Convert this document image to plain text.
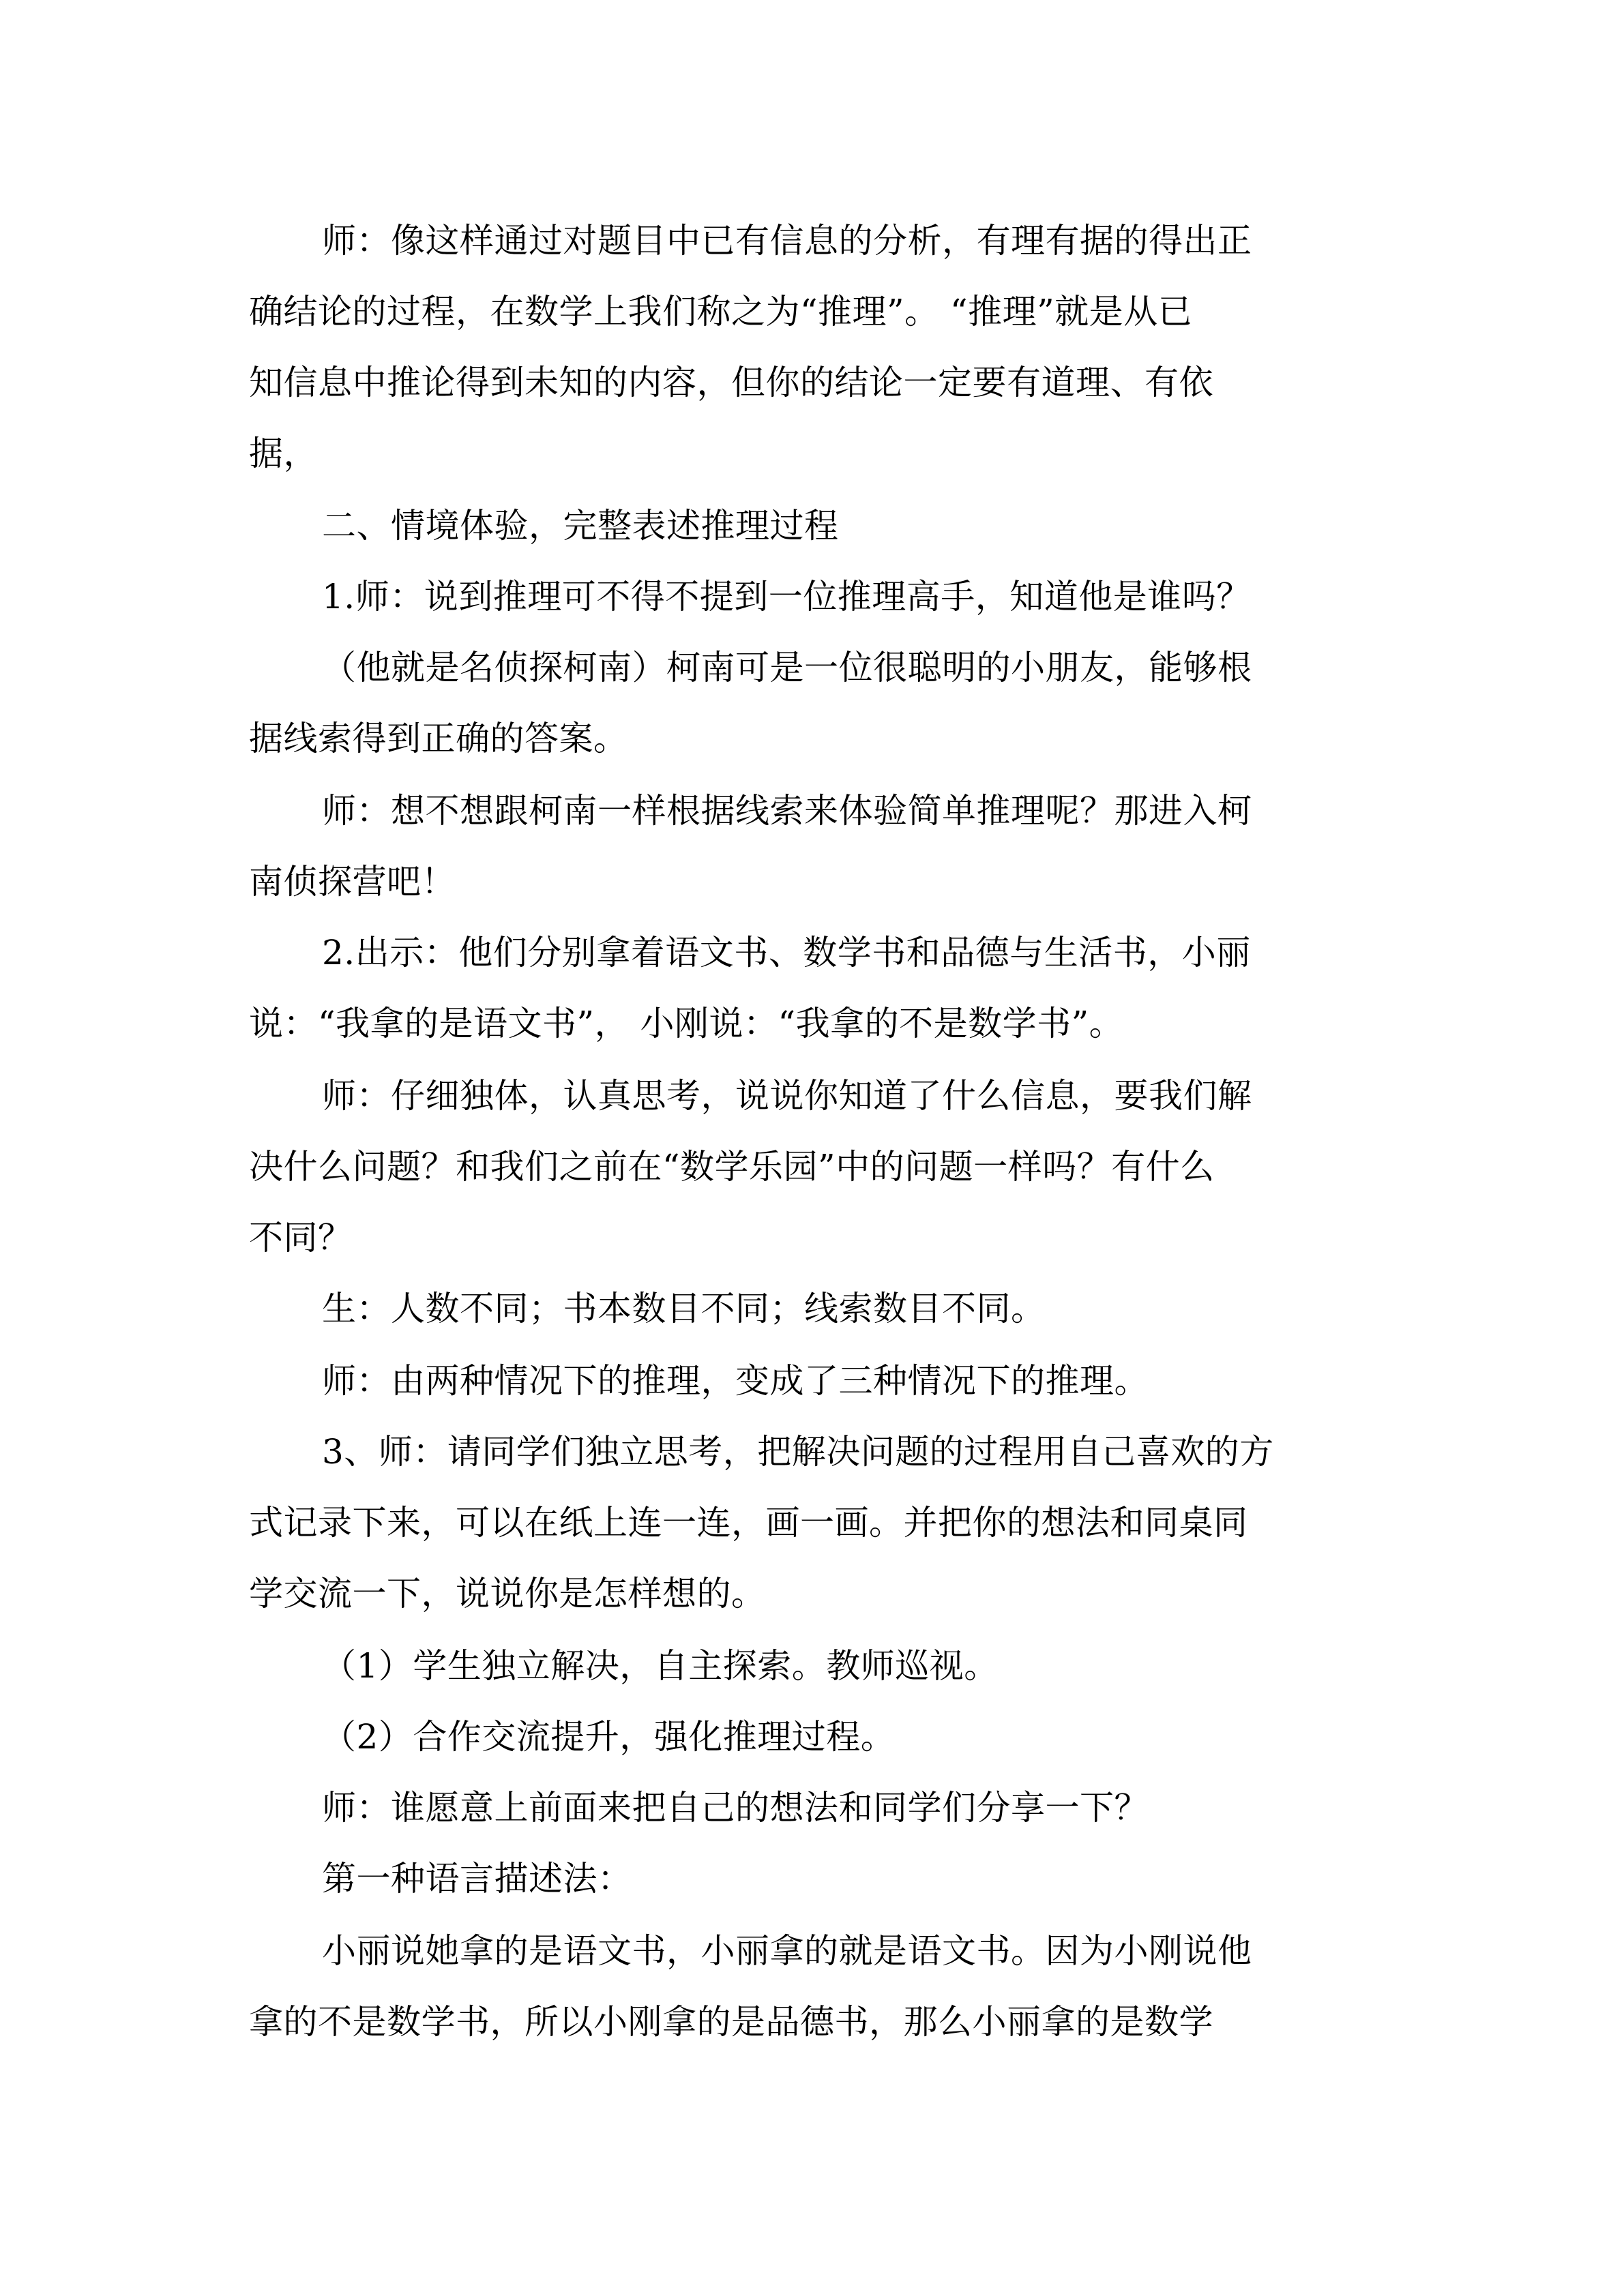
师：像这样通过对题目中已有信息的分析，有理有据的得出正

确结论的过程，在数学上我们称之为“推理”。 “推理”就是从已

知信息中推论得到未知的内容，但你的结论一定要有道理、有依

据，

二、情境体验，完整表述推理过程

1.师：说到推理可不得不提到一位推理高手，知道他是谁吗？

（他就是名侦探柯南）柯南可是一位很聪明的小朋友，能够根

据线索得到正确的答案。

师：想不想跟柯南一样根据线索来体验简单推理呢？那进入柯

南侦探营吧！

2.出示：他们分别拿着语文书、数学书和品德与生活书，小丽

说：“我拿的是语文书”， 小刚说：“我拿的不是数学书”。

师：仔细独体，认真思考，说说你知道了什么信息，要我们解

决什么问题？和我们之前在“数学乐园”中的问题一样吗？有什么

不同？

生：人数不同；书本数目不同；线索数目不同。

师：由两种情况下的推理，变成了三种情况下的推理。

3、师：请同学们独立思考，把解决问题的过程用自己喜欢的方

式记录下来，可以在纸上连一连，画一画。并把你的想法和同桌同

学交流一下，说说你是怎样想的。

（1）学生独立解决，自主探索。教师巡视。

（2）合作交流提升，强化推理过程。

师：谁愿意上前面来把自己的想法和同学们分享一下？

第一种语言描述法：

小丽说她拿的是语文书，小丽拿的就是语文书。因为小刚说他

拿的不是数学书，所以小刚拿的是品德书，那么小丽拿的是数学
